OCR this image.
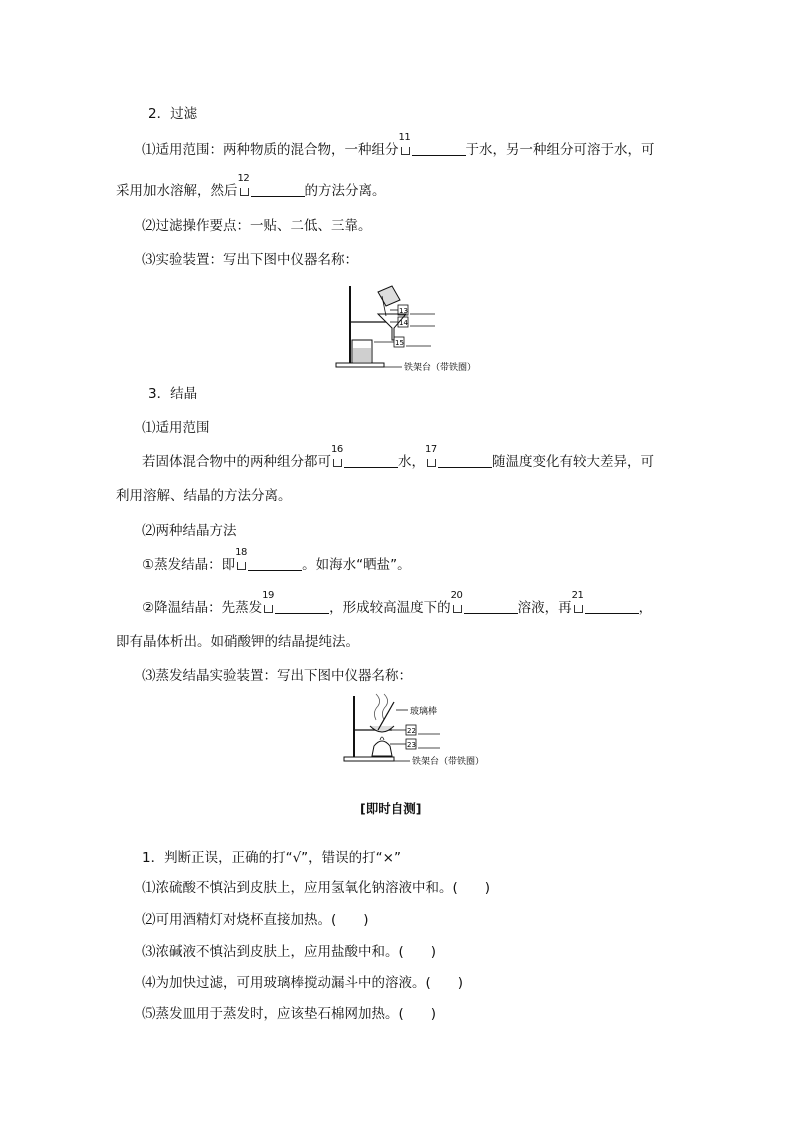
2．过滤
⑴适用范围：两种物质的混合物，一种组分
11
于水，另一种组分可溶于水，可
采用加水溶解，然后
12
的方法分离。
⑵过滤操作要点：一贴、二低、三靠。
⑶实验装置：写出下图中仪器名称：
13
14
15
铁架台（带铁圈）
3．结晶
⑴适用范围
若固体混合物中的两种组分都可
16
水，
17
随温度变化有较大差异，可
利用溶解、结晶的方法分离。
⑵两种结晶方法
①蒸发结晶：即
18
。如海水“晒盐”。
②降温结晶：先蒸发
19
，形成较高温度下的
20
溶液，再
21
，
即有晶体析出。如硝酸钾的结晶提纯法。
⑶蒸发结晶实验装置：写出下图中仪器名称：
玻璃棒
22
23
铁架台（带铁圈）
[即时自测]
1．判断正误，正确的打“√”，错误的打“×”
⑴浓硫酸不慎沾到皮肤上，应用氢氧化钠溶液中和。(　　)
⑵可用酒精灯对烧杯直接加热。(　　)
⑶浓碱液不慎沾到皮肤上，应用盐酸中和。(　　)
⑷为加快过滤，可用玻璃棒搅动漏斗中的溶液。(　　)
⑸蒸发皿用于蒸发时，应该垫石棉网加热。(　　)
